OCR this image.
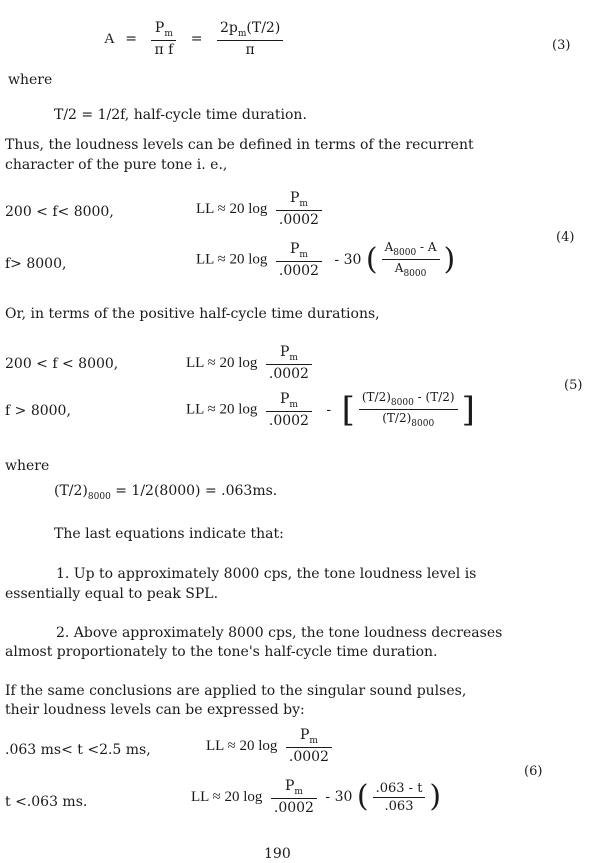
$A = \frac{P_m}{\text{π f}} = \frac{2p_m(T/2)}{\pi}$	(3)
where
T/2 = 1/2f, half-cycle time duration.
Thus, the loudness levels can be defined in terms of the recurrent
character of the pure tone i. e.,
200 < f< 8000,	LL ≈ 20 $\log \frac{P_m}{.0002}$
f> 8000,	LL ≈ 20 $\log \frac{P_m}{.0002} - 30$ ( $\frac{A_{8000} - A}{A_{8000}}$ )
(4)
Or, in terms of the positive half-cycle time durations,
200 < f < 8000,	LL ≈ 20 $\log \frac{P_m}{.0002}$
f > 8000,	LL ≈ 20 $\log \frac{P_m}{.0002}$ - [ $\frac{(T/2)_{8000} - (T/2)}{(T/2)_{8000}}$ ]
(5)
where
$(T/2)_{8000} = 1/2(8000) = .063ms$.
The last equations indicate that:
1. Up to approximately 8000 cps, the tone loudness level is
essentially equal to peak SPL.
2. Above approximately 8000 cps, the tone loudness decreases
almost proportionately to the tone's half-cycle time duration.
If the same conclusions are applied to the singular sound pulses,
their loudness levels can be expressed by:
.063 ms< t <2.5 ms,	LL ≈ 20 $\log \frac{P_m}{.0002}$
t <.063 ms.	LL ≈ 20 $\log \frac{P_m}{.0002} - 30$ ( $\frac{.063 - t}{.063}$ )
(6)
190
